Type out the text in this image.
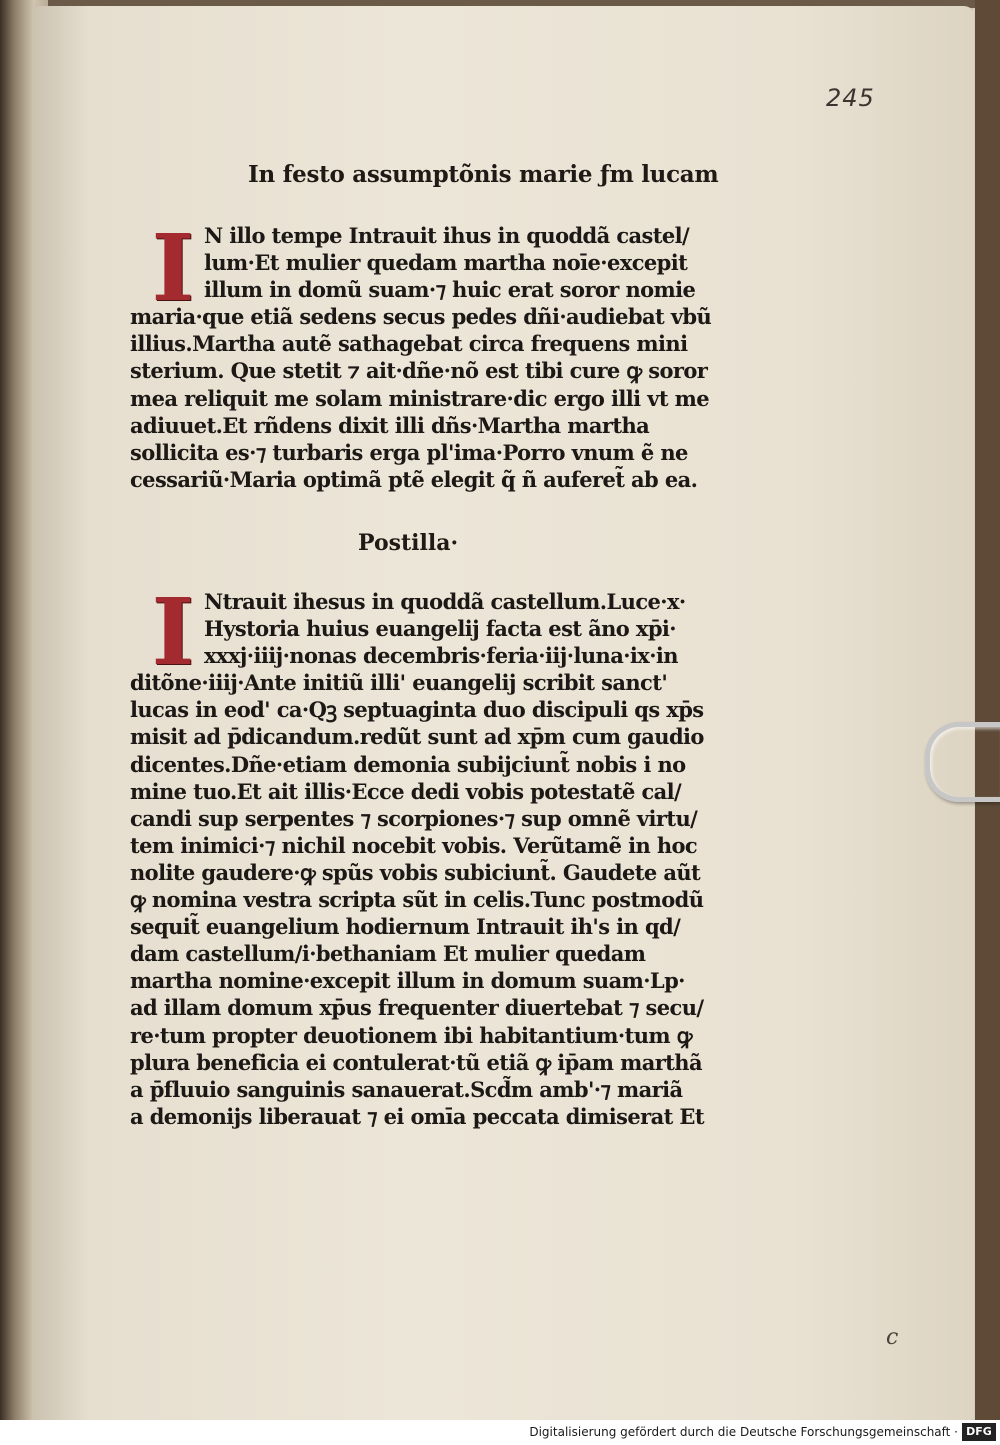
245
In festo assumptõnis marie ƒm lucam
I N illo tempe Intrauit ihus in quoddã castel/
lum·Et mulier quedam martha noīe·excepit
illum in domũ suam·⁊ huic erat soror nomie
maria·que etiã sedens secus pedes dñi·audiebat vbũ
illius.Martha autẽ sathagebat circa frequens mini
sterium. Que stetit ⁊ ait·dñe·nõ est tibi cure ꝙ soror
mea reliquit me solam ministrare·dic ergo illi vt me
adiuuet.Et rñdens dixit illi dñs·Martha martha
sollicita es·⁊ turbaris erga pl'ima·Porro vnum ẽ ne
cessariũ·Maria optimã ptẽ elegit q̃ ñ auferet̃ ab ea.
Postilla·
I Ntrauit ihesus in quoddã castellum.Luce·x·
Hystoria huius euangelij facta est ãno xp̄i·
xxxj·iiij·nonas decembris·feria·iij·luna·ix·in
ditõne·iiij·Ante initiũ illi' euangelij scribit sanct'
lucas in eod' ca·Qꝫ septuaginta duo discipuli qs xp̄s
misit ad p̄dicandum.redũt sunt ad xp̄m cum gaudio
dicentes.Dñe·etiam demonia subijciunt̃ nobis i no
mine tuo.Et ait illis·Ecce dedi vobis potestatẽ cal/
candi sup serpentes ⁊ scorpiones·⁊ sup omnẽ virtu/
tem inimici·⁊ nichil nocebit vobis. Verũtamẽ in hoc
nolite gaudere·ꝙ spũs vobis subiciunt̃. Gaudete aũt
ꝙ nomina vestra scripta sũt in celis.Tunc postmodũ
sequit̃ euangelium hodiernum Intrauit ih's in qd/
dam castellum/i·bethaniam Et mulier quedam
martha nomine·excepit illum in domum suam·Lp·
ad illam domum xp̄us frequenter diuertebat ⁊ secu/
re·tum propter deuotionem ibi habitantium·tum ꝙ
plura beneficia ei contulerat·tũ etiã ꝙ ip̄am marthã
a p̄fluuio sanguinis sanauerat.Scd̃m amb'·⁊ mariã
a demonijs liberauat ⁊ ei omīa peccata dimiserat Et
c
Digitalisierung gefördert durch die Deutsche Forschungsgemeinschaft · DFG
